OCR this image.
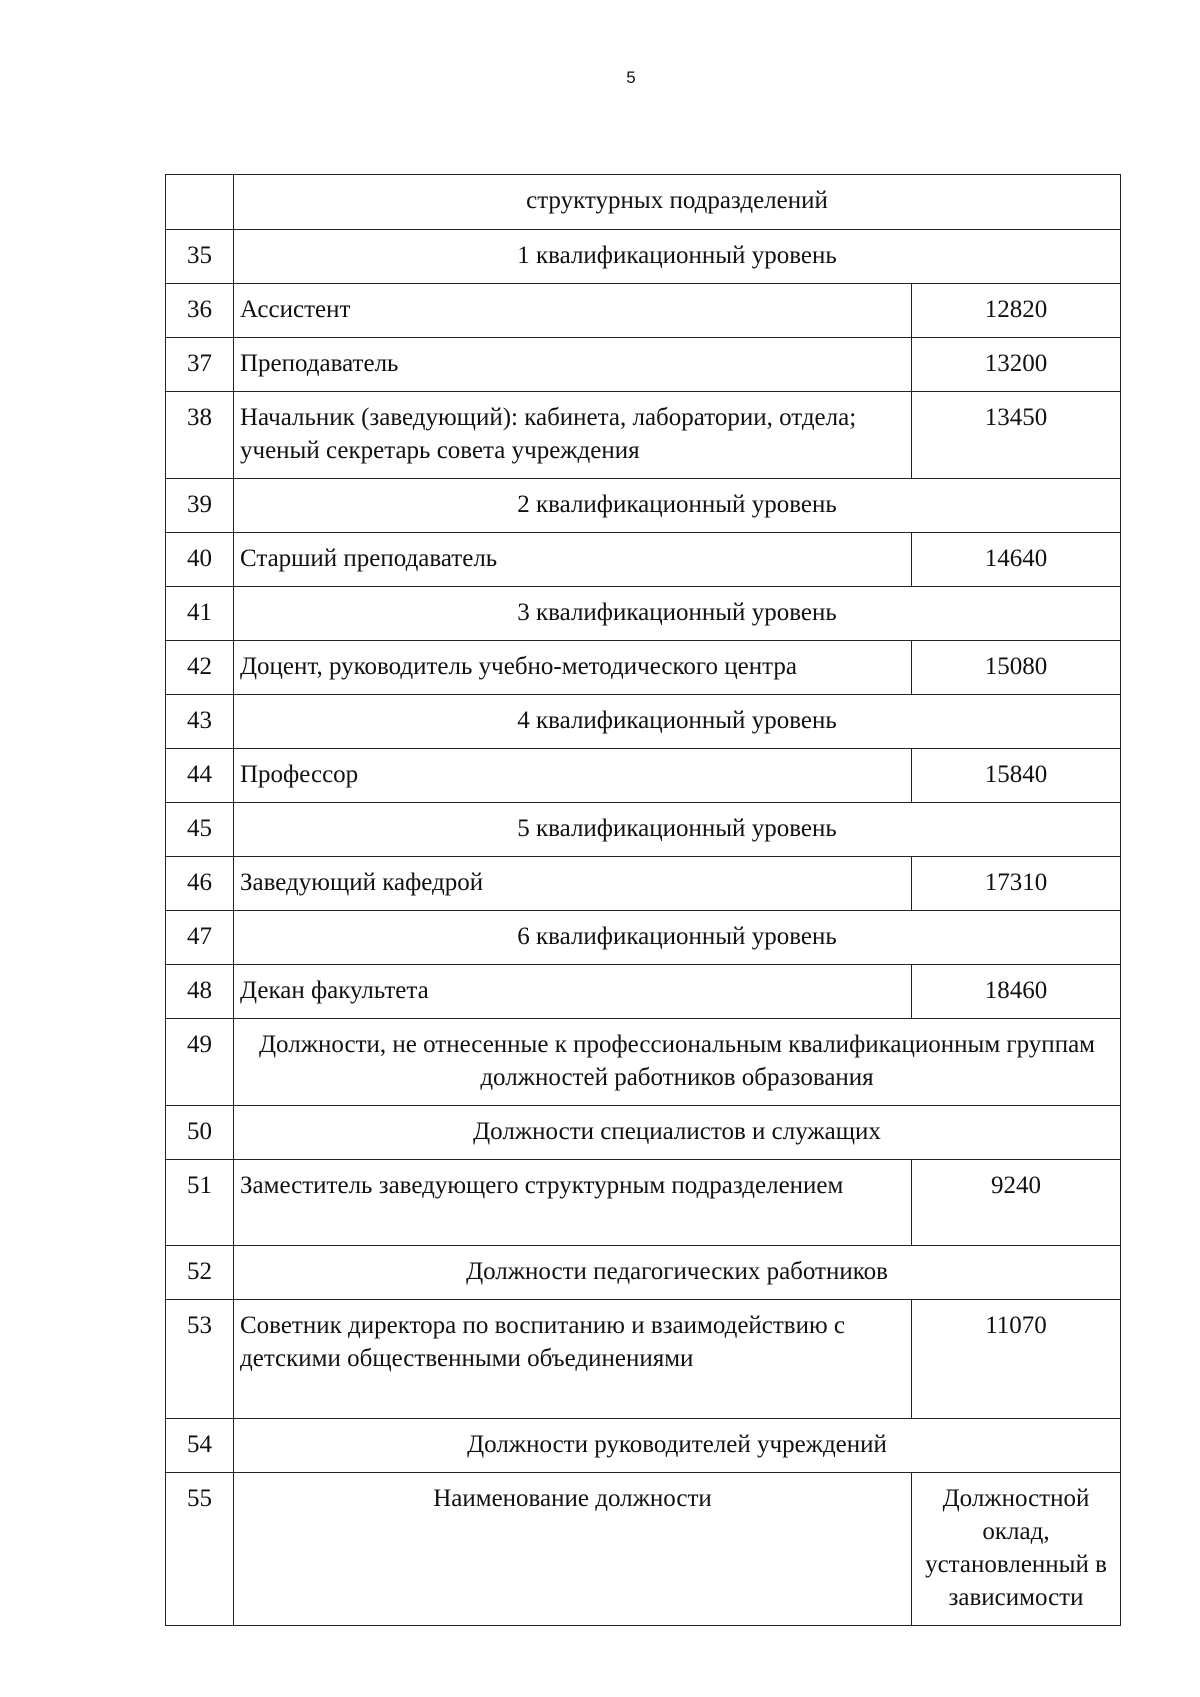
5
	структурных подразделений	
35	1 квалификационный уровень	
36	Ассистент	12820
37	Преподаватель	13200
38	Начальник (заведующий): кабинета, лаборатории, отдела; ученый секретарь совета учреждения	13450
39	2 квалификационный уровень	
40	Старший преподаватель	14640
41	3 квалификационный уровень	
42	Доцент, руководитель учебно-методического центра	15080
43	4 квалификационный уровень	
44	Профессор	15840
45	5 квалификационный уровень	
46	Заведующий кафедрой	17310
47	6 квалификационный уровень	
48	Декан факультета	18460
49	Должности, не отнесенные к профессиональным квалификационным группам должностей работников образования	
50	Должности специалистов и служащих	
51	Заместитель заведующего структурным подразделением	9240
52	Должности педагогических работников	
53	Советник директора по воспитанию и взаимодействию с детскими общественными объединениями	11070
54	Должности руководителей учреждений	
55	Наименование должности	Должностной оклад, установленный в зависимости
